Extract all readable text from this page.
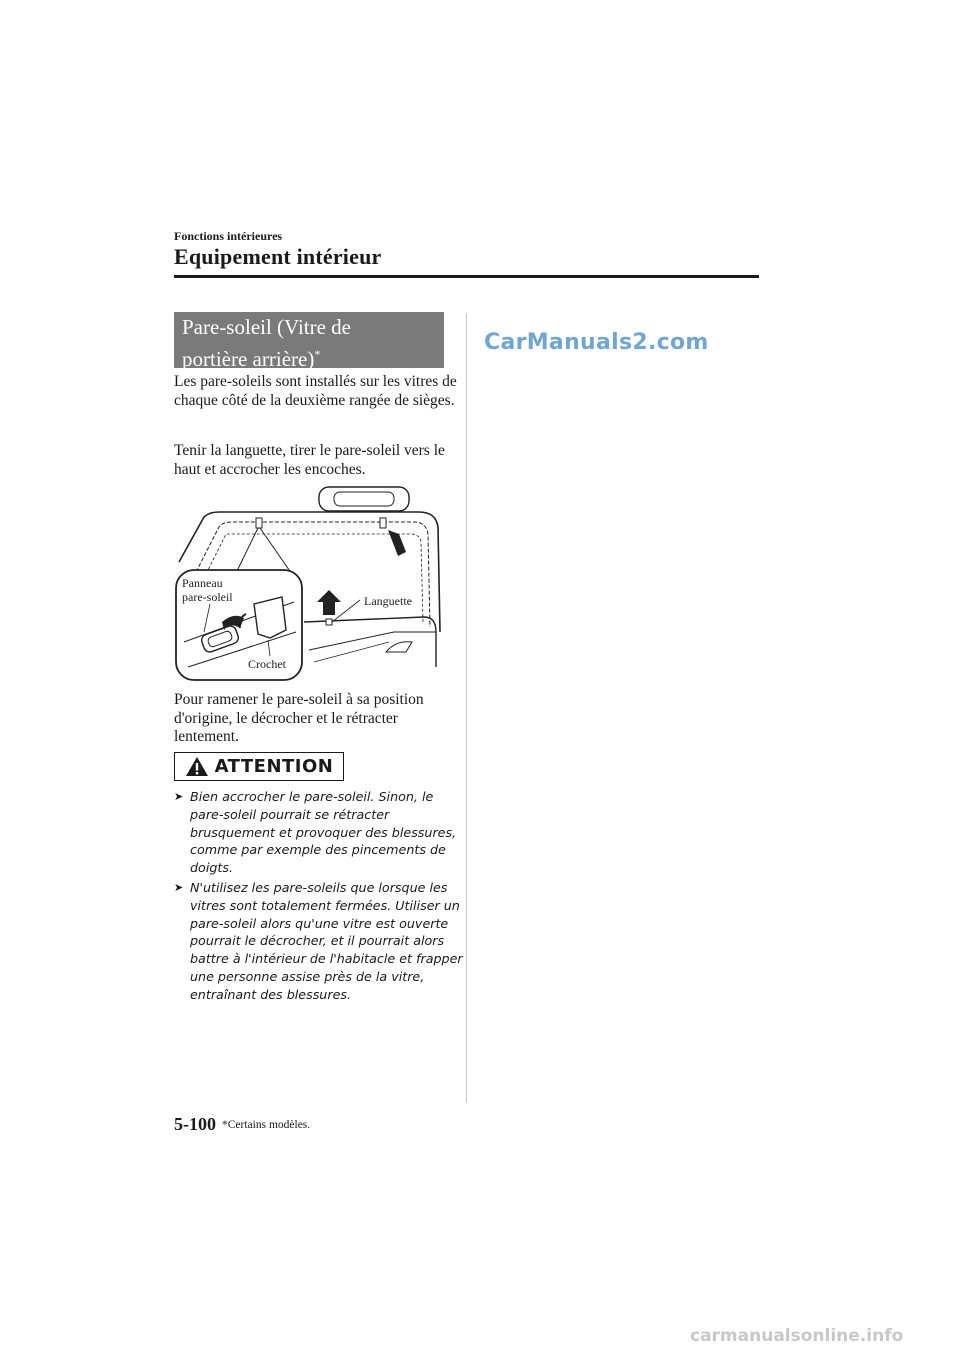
Fonctions intérieures
Equipement intérieur
Pare-soleil (Vitre de
portière arrière)*
Les pare-soleils sont installés sur les vitres de chaque côté de la deuxième rangée de sièges.
Tenir la languette, tirer le pare-soleil vers le haut et accrocher les encoches.
Panneau
pare-soleil	Languette
Crochet
Pour ramener le pare-soleil à sa position d'origine, le décrocher et le rétracter lentement.
ATTENTION
➤ Bien accrocher le pare-soleil. Sinon, le pare-soleil pourrait se rétracter brusquement et provoquer des blessures, comme par exemple des pincements de doigts.
➤ N'utilisez les pare-soleils que lorsque les vitres sont totalement fermées. Utiliser un pare-soleil alors qu'une vitre est ouverte pourrait le décrocher, et il pourrait alors battre à l'intérieur de l'habitacle et frapper une personne assise près de la vitre, entraînant des blessures.
CarManuals2.com
5-100 *Certains modèles.
carmanualsonline.info
